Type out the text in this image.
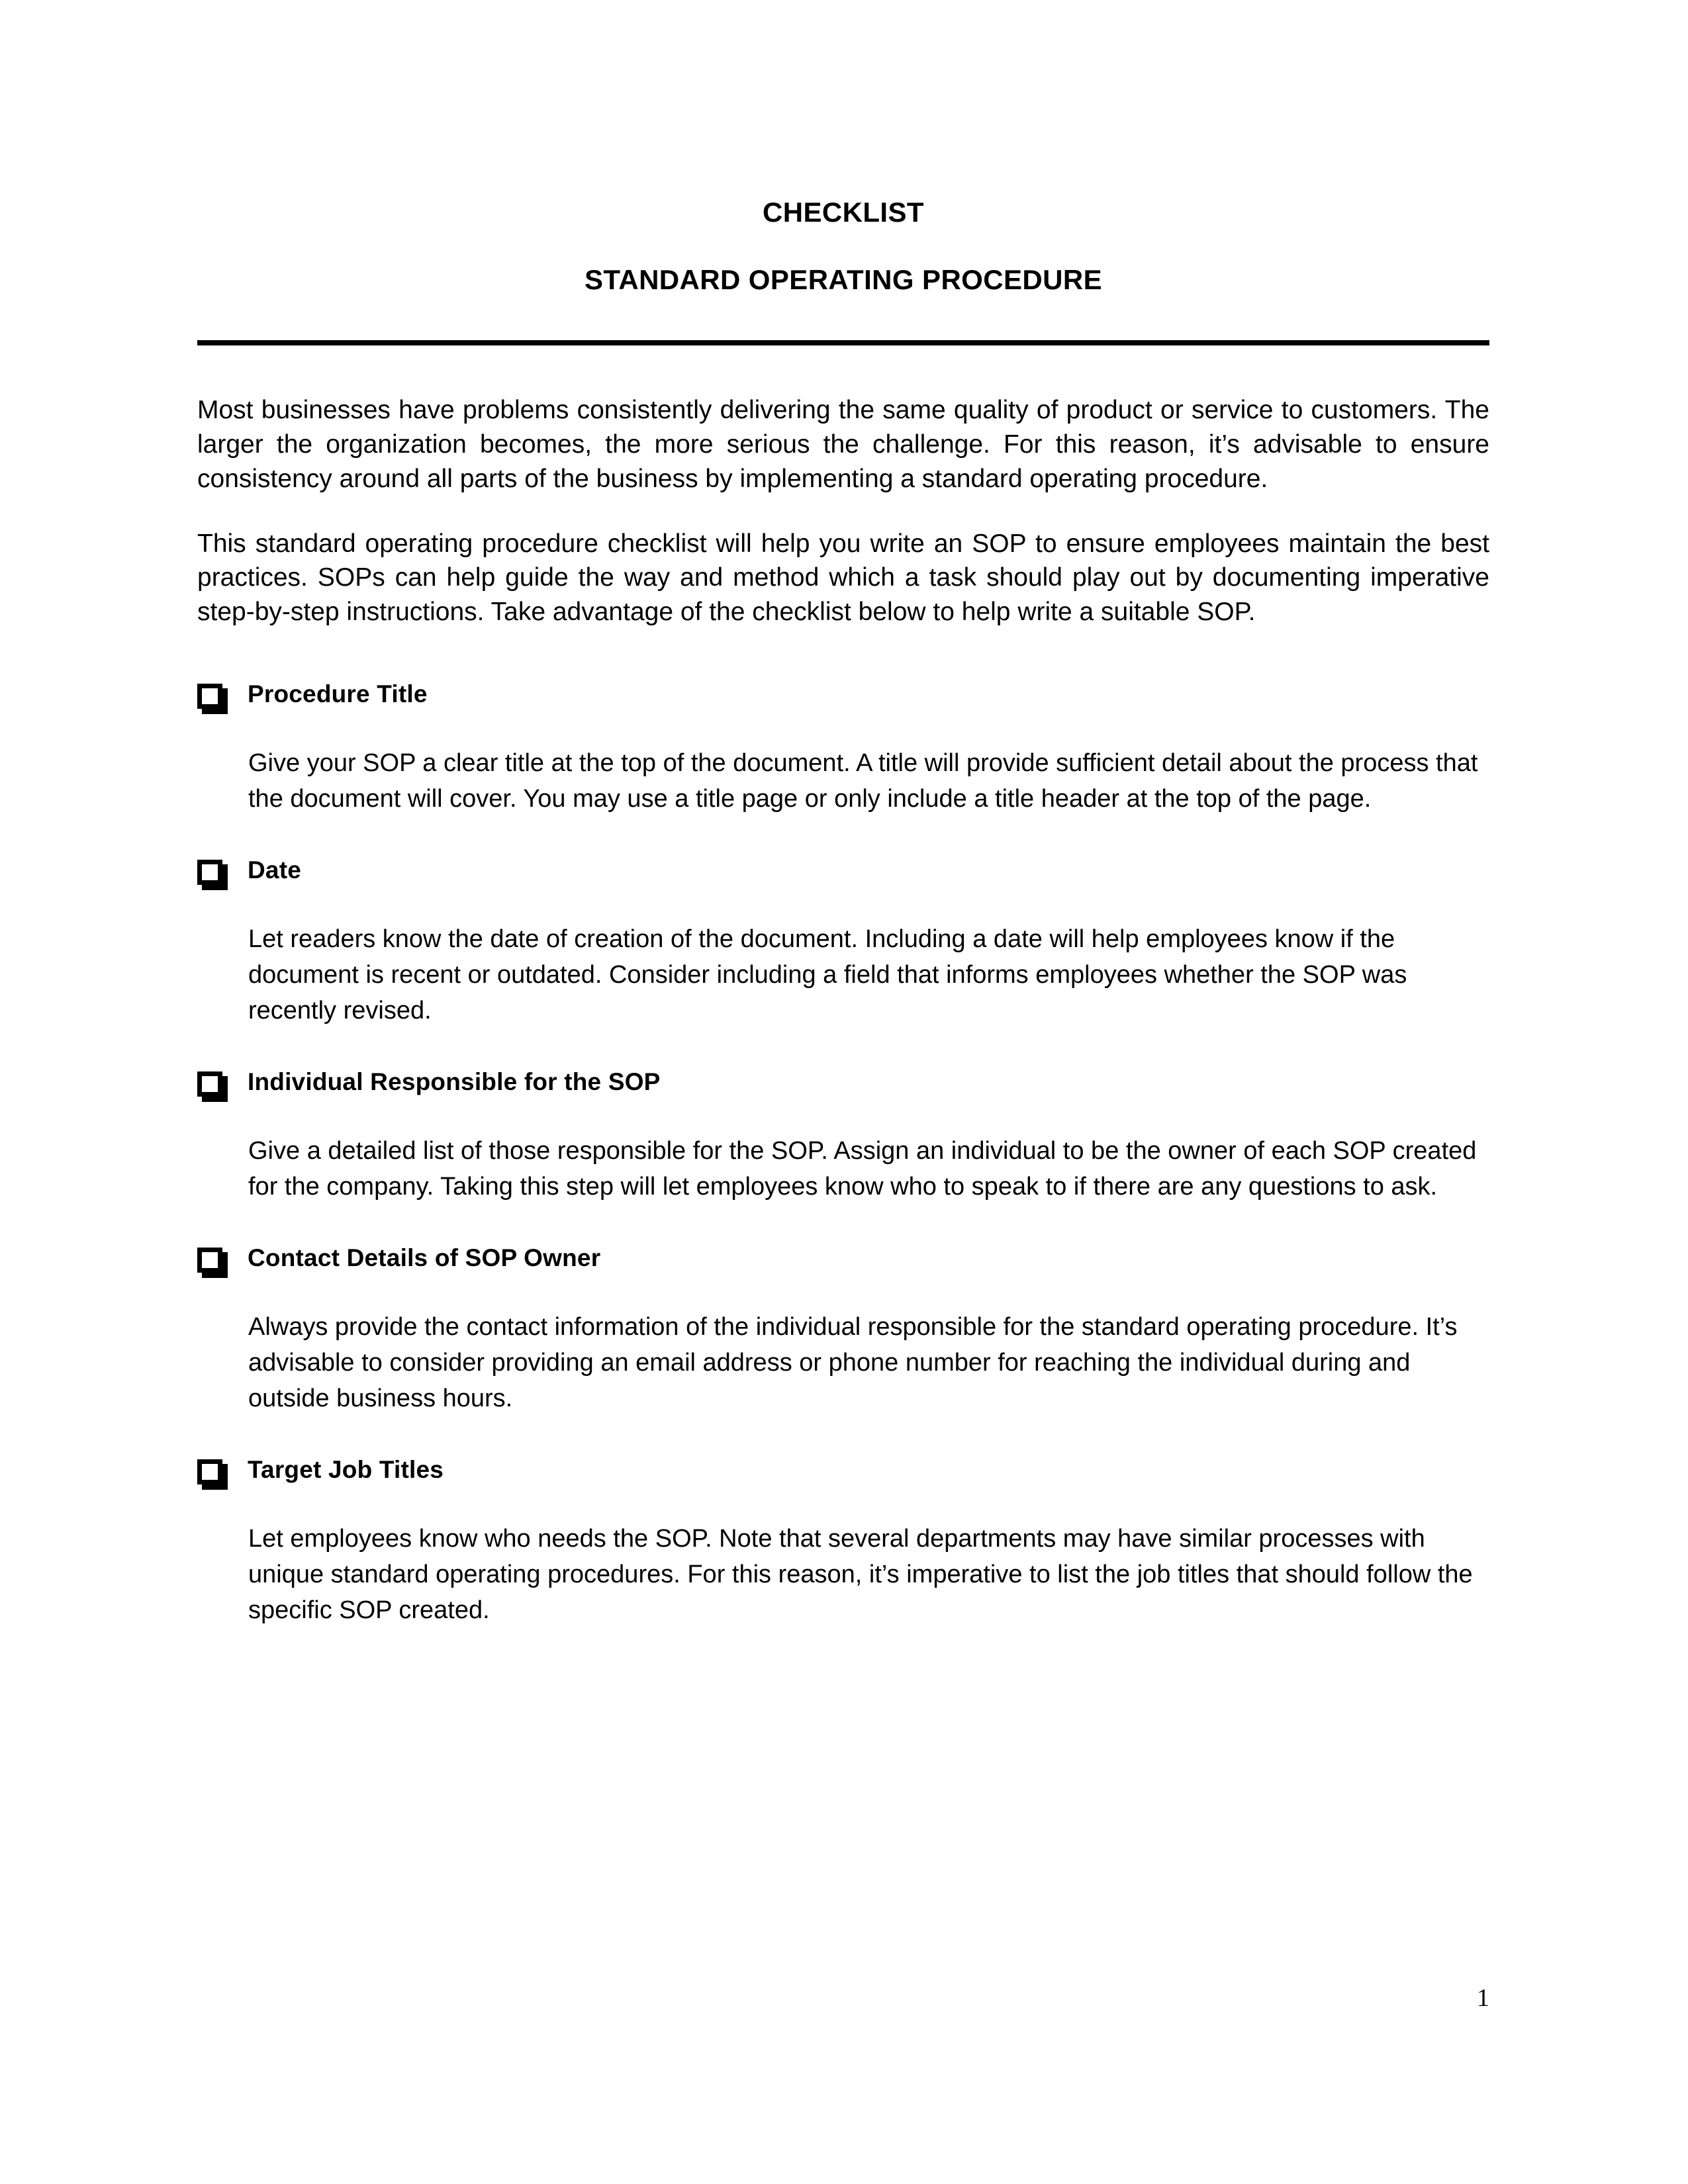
CHECKLIST
STANDARD OPERATING PROCEDURE

Most businesses have problems consistently delivering the same quality of product or service to customers. The larger the organization becomes, the more serious the challenge. For this reason, it’s advisable to ensure consistency around all parts of the business by implementing a standard operating procedure.

This standard operating procedure checklist will help you write an SOP to ensure employees maintain the best practices. SOPs can help guide the way and method which a task should play out by documenting imperative step-by-step instructions. Take advantage of the checklist below to help write a suitable SOP.

Procedure Title

Give your SOP a clear title at the top of the document. A title will provide sufficient detail about the process that the document will cover. You may use a title page or only include a title header at the top of the page.

Date

Let readers know the date of creation of the document. Including a date will help employees know if the document is recent or outdated. Consider including a field that informs employees whether the SOP was recently revised.

Individual Responsible for the SOP

Give a detailed list of those responsible for the SOP. Assign an individual to be the owner of each SOP created for the company. Taking this step will let employees know who to speak to if there are any questions to ask.

Contact Details of SOP Owner

Always provide the contact information of the individual responsible for the standard operating procedure. It’s advisable to consider providing an email address or phone number for reaching the individual during and outside business hours.

Target Job Titles

Let employees know who needs the SOP. Note that several departments may have similar processes with unique standard operating procedures. For this reason, it’s imperative to list the job titles that should follow the specific SOP created.

1
